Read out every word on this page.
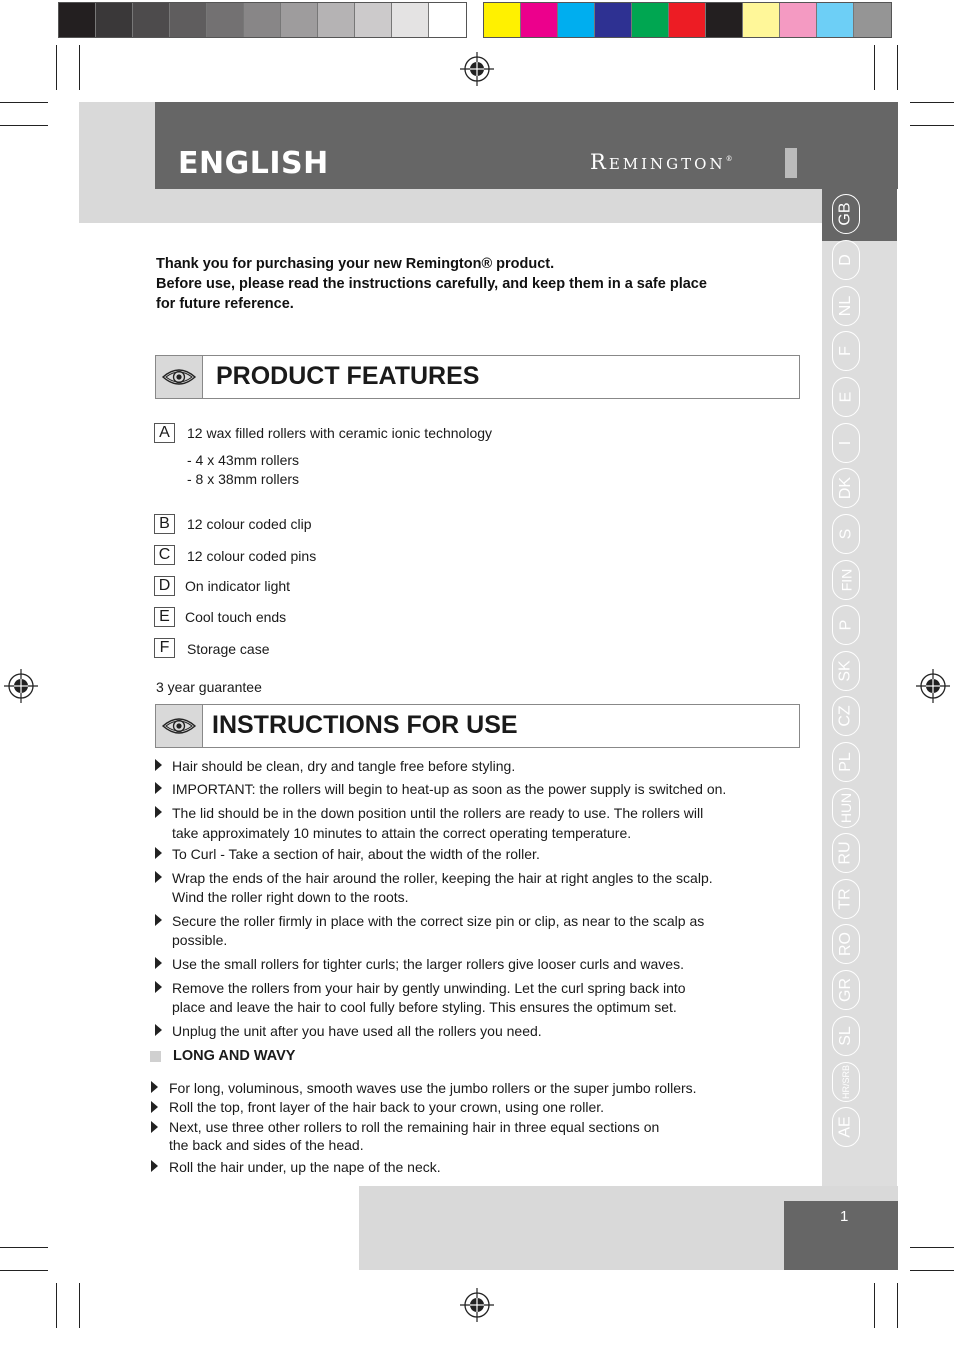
ENGLISH	REMINGTON®
GB
D
NL
F
E
I
DK
S
FIN
P
SK
CZ
PL
HUN
RU
TR
RO
GR
SL
HR/SRB
AE
1
Thank you for purchasing your new Remington® product.
Before use, please read the instructions carefully, and keep them in a safe place
for future reference.
PRODUCT FEATURES
A	12 wax filled rollers with ceramic ionic technology
- 4 x 43mm rollers
- 8 x 38mm rollers
B	12 colour coded clip
C	12 colour coded pins
D	On indicator light
E	Cool touch ends
F	Storage case
3 year guarantee
INSTRUCTIONS FOR USE
Hair should be clean, dry and tangle free before styling.
IMPORTANT: the rollers will begin to heat-up as soon as the power supply is switched on.
The lid should be in the down position until the rollers are ready to use. The rollers will
take approximately 10 minutes to attain the correct operating temperature.
To Curl - Take a section of hair, about the width of the roller.
Wrap the ends of the hair around the roller, keeping the hair at right angles to the scalp.
Wind the roller right down to the roots.
Secure the roller firmly in place with the correct size pin or clip, as near to the scalp as
possible.
Use the small rollers for tighter curls; the larger rollers give looser curls and waves.
Remove the rollers from your hair by gently unwinding. Let the curl spring back into
place and leave the hair to cool fully before styling. This ensures the optimum set.
Unplug the unit after you have used all the rollers you need.
LONG AND WAVY
For long, voluminous, smooth waves use the jumbo rollers or the super jumbo rollers.
Roll the top, front layer of the hair back to your crown, using one roller.
Next, use three other rollers to roll the remaining hair in three equal sections on
the back and sides of the head.
Roll the hair under, up the nape of the neck.
